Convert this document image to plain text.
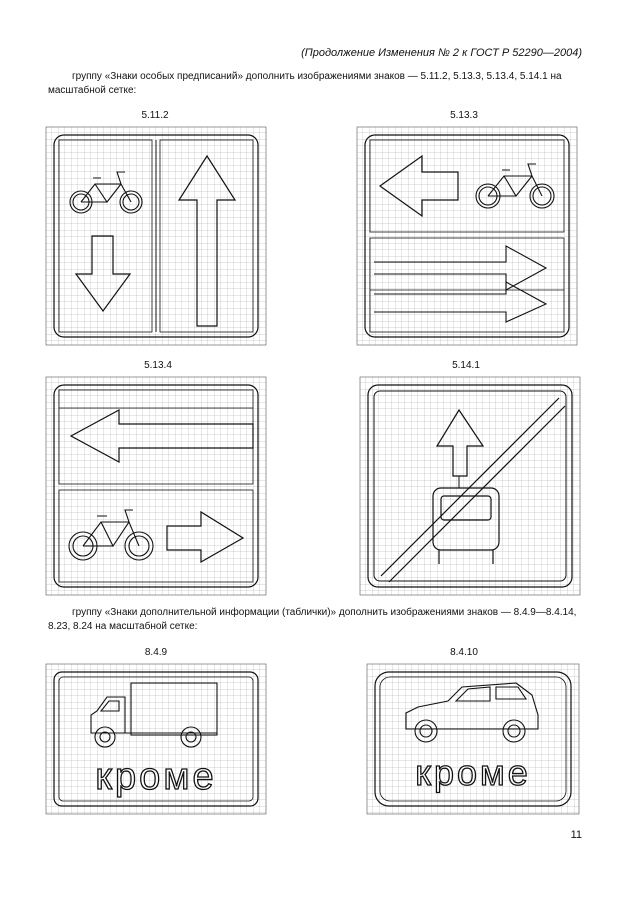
(Продолжение Изменения № 2 к ГОСТ Р 52290—2004)
группу «Знаки особых предписаний» дополнить изображениями знаков — 5.11.2, 5.13.3, 5.13.4, 5.14.1 на масштабной сетке:
5.11.2	5.13.3
5.13.4	5.14.1
8.4.9	8.4.10
группу «Знаки дополнительной информации (таблички)» дополнить изображениями знаков — 8.4.9—8.4.14, 8.23, 8.24 на масштабной сетке:
кроме	кроме
11
